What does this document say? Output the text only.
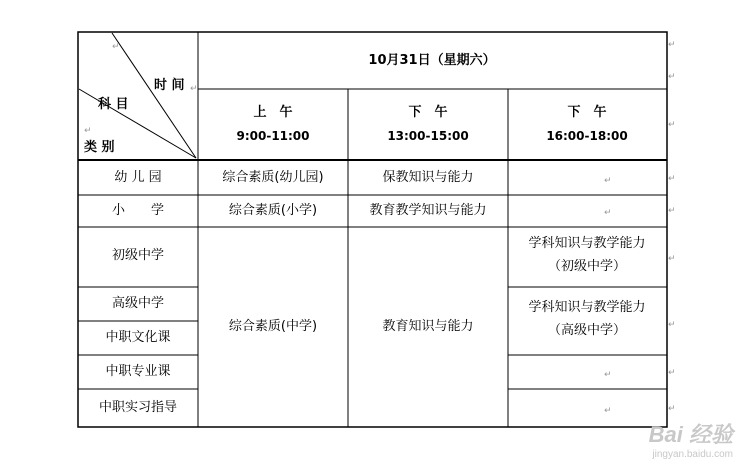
时 间
科 目
类 别
↵
↵
↵
10月31日（星期六）
上　午
9:00-11:00
下　午
13:00-15:00
下　午
16:00-18:00
幼 儿 园
小　　学
初级中学
高级中学
中职文化课
中职专业课
中职实习指导
综合素质(幼儿园)
综合素质(小学)
综合素质(中学)
保教知识与能力
教育教学知识与能力
教育知识与能力
学科知识与教学能力
（初级中学）
学科知识与教学能力
（高级中学）
↵
↵
↵
↵
↵
↵
↵
↵
↵
↵
↵
↵
↵
Bai 经验
jingyan.baidu.com
